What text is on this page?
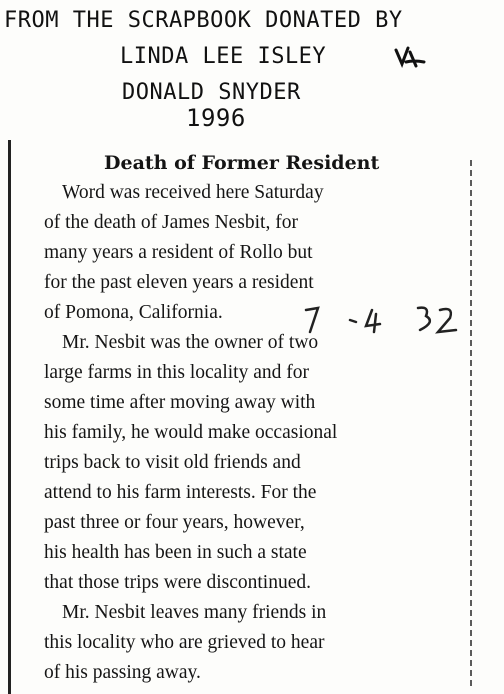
FROM THE SCRAPBOOK DONATED BY
LINDA LEE ISLEY
DONALD SNYDER
1996
Death of Former Resident
Word was received here Saturday
of the death of James Nesbit, for
many years a resident of Rollo but
for the past eleven years a resident
of Pomona, California.
Mr. Nesbit was the owner of two
large farms in this locality and for
some time after moving away with
his family, he would make occasional
trips back to visit old friends and
attend to his farm interests. For the
past three or four years, however,
his health has been in such a state
that those trips were discontinued.
Mr. Nesbit leaves many friends in
this locality who are grieved to hear
of his passing away.
